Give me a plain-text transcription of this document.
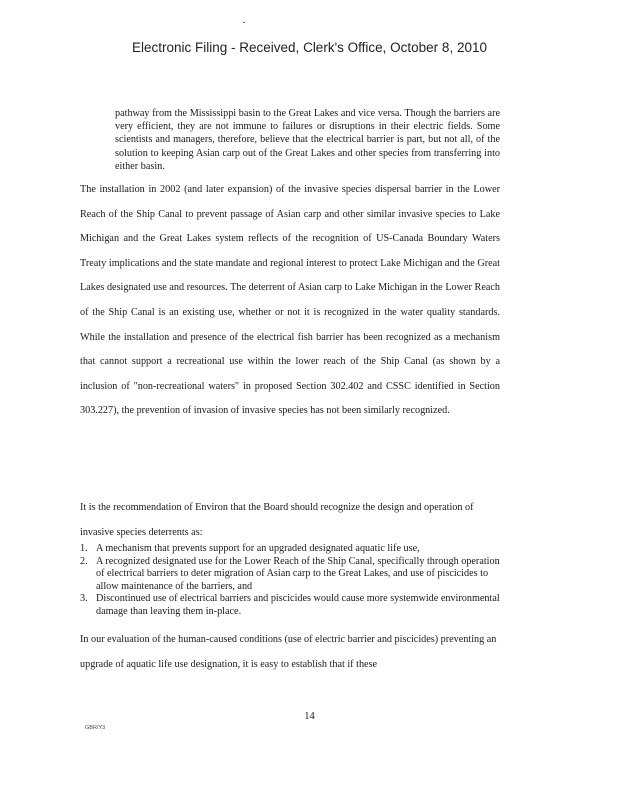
Electronic Filing - Received, Clerk's Office, October 8, 2010
pathway from the Mississippi basin to the Great Lakes and vice versa. Though the barriers are very efficient, they are not immune to failures or disruptions in their electric fields. Some scientists and managers, therefore, believe that the electrical barrier is part, but not all, of the solution to keeping Asian carp out of the Great Lakes and other species from transferring into either basin.
The installation in 2002 (and later expansion) of the invasive species dispersal barrier in the Lower Reach of the Ship Canal to prevent passage of Asian carp and other similar invasive species to Lake Michigan and the Great Lakes system reflects of the recognition of US-Canada Boundary Waters Treaty implications and the state mandate and regional interest to protect Lake Michigan and the Great Lakes designated use and resources. The deterrent of Asian carp to Lake Michigan in the Lower Reach of the Ship Canal is an existing use, whether or not it is recognized in the water quality standards. While the installation and presence of the electrical fish barrier has been recognized as a mechanism that cannot support a recreational use within the lower reach of the Ship Canal (as shown by a inclusion of "non-recreational waters" in proposed Section 302.402 and CSSC identified in Section 303.227), the prevention of invasion of invasive species has not been similarly recognized.
It is the recommendation of Environ that the Board should recognize the design and operation of invasive species deterrents as:
1. A mechanism that prevents support for an upgraded designated aquatic life use,
2. A recognized designated use for the Lower Reach of the Ship Canal, specifically through operation of electrical barriers to deter migration of Asian carp to the Great Lakes, and use of piscicides to allow maintenance of the barriers, and
3. Discontinued use of electrical barriers and piscicides would cause more systemwide environmental damage than leaving them in-place.
In our evaluation of the human-caused conditions (use of electric barrier and piscicides) preventing an upgrade of aquatic life use designation, it is easy to establish that if these
14
GBR/Y3
